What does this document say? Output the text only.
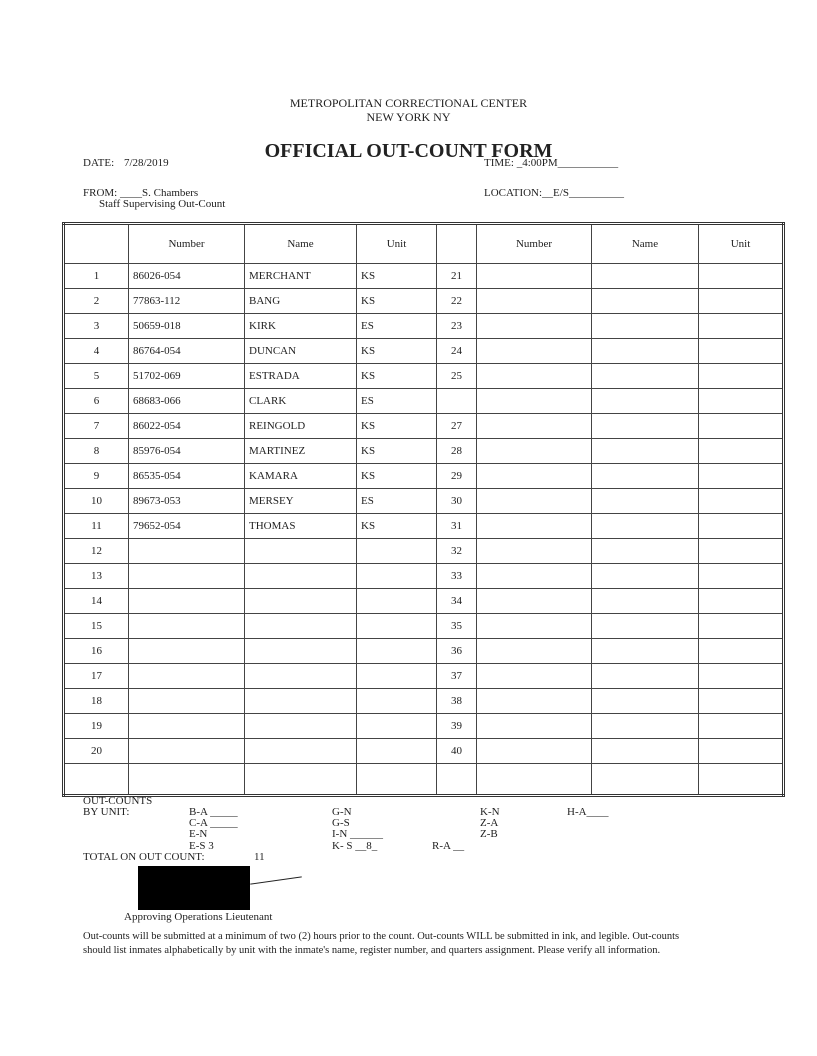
METROPOLITAN CORRECTIONAL CENTER
NEW YORK NY
OFFICIAL OUT-COUNT FORM
DATE: 7/28/2019	TIME: _4:00PM___________
FROM: ____S. Chambers
Staff Supervising Out-Count
LOCATION:__E/S__________
	Number	Name	Unit		Number	Name	Unit
1	86026-054	MERCHANT	KS	21			
2	77863-112	BANG	KS	22			
3	50659-018	KIRK	ES	23			
4	86764-054	DUNCAN	KS	24			
5	51702-069	ESTRADA	KS	25			
6	68683-066	CLARK	ES				
7	86022-054	REINGOLD	KS	27			
8	85976-054	MARTINEZ	KS	28			
9	86535-054	KAMARA	KS	29			
10	89673-053	MERSEY	ES	30			
11	79652-054	THOMAS	KS	31			
12				32			
13				33			
14				34			
15				35			
16				36			
17				37			
18				38			
19				39			
20				40			

OUT-COUNTS
BY UNIT:	B-A _____
C-A _____
E-N
E-S 3
G-N
G-S
I-N ______
K- S __8_
K-N
Z-A
Z-B
R-A __
H-A____
TOTAL ON OUT COUNT:	11
Approving Operations Lieutenant
Out-counts will be submitted at a minimum of two (2) hours prior to the count. Out-counts WILL be submitted in ink, and legible. Out-counts
should list inmates alphabetically by unit with the inmate's name, register number, and quarters assignment. Please verify all information.
